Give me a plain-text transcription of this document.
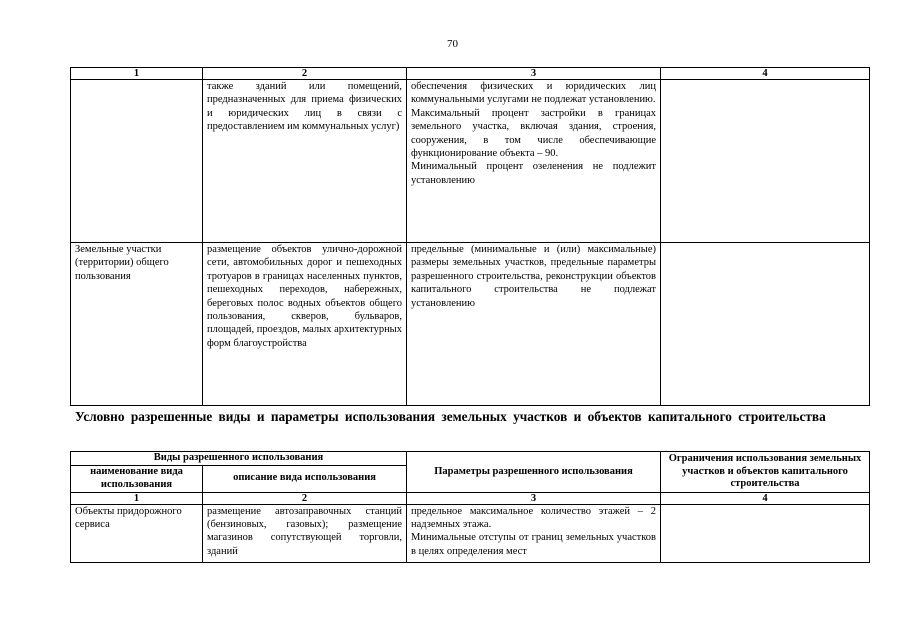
70
1	2	3	4

	также зданий или помещений, предназначенных для приема физических и юридических лиц в связи с предоставлением им коммунальных услуг)	обеспечения физических и юридических лиц коммунальными услугами не подлежат установлению.

Максимальный процент застройки в границах земельного участка, включая здания, строения, сооружения, в том числе обеспечивающие функционирование объекта – 90.

Минимальный процент озеленения не подлежит установлению	

Земельные участки (территории) общего пользования	размещение объектов улично-дорожной сети, автомобильных дорог и пешеходных тротуаров в границах населенных пунктов, пешеходных переходов, набережных, береговых полос водных объектов общего пользования, скверов, бульваров, площадей, проездов, малых архитектурных форм благоустройства	предельные (минимальные и (или) максимальные) размеры земельных участков, предельные параметры разрешенного строительства, реконструкции объектов капитального строительства не подлежат установлению	

Условно разрешенные виды и параметры использования земельных участков и объектов капитального строительства
Виды разрешенного использования		Параметры разрешенного использования	Ограничения использования земельных участков и объектов капитального строительства
наименование вида использования	описание вида использования		
1	2	3	4
Объекты придорожного сервиса	размещение автозаправочных станций (бензиновых, газовых); размещение магазинов сопутствующей торговли, зданий	предельное максимальное количество этажей – 2 надземных этажа.

Минимальные отступы от границ земельных участков в целях определения мест	
